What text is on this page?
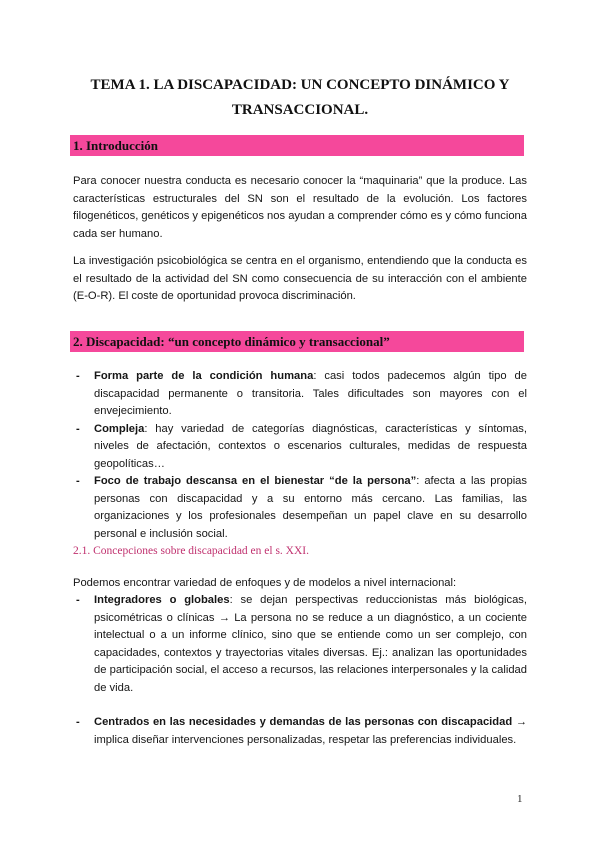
TEMA 1. LA DISCAPACIDAD: UN CONCEPTO DINÁMICO Y

TRANSACCIONAL.

1. Introducción

Para conocer nuestra conducta es necesario conocer la “maquinaria” que la produce. Las características estructurales del SN son el resultado de la evolución. Los factores filogenéticos, genéticos y epigenéticos nos ayudan a comprender cómo es y cómo funciona cada ser humano.

La investigación psicobiológica se centra en el organismo, entendiendo que la conducta es el resultado de la actividad del SN como consecuencia de su interacción con el ambiente (E-O-R). El coste de oportunidad provoca discriminación.

2. Discapacidad: “un concepto dinámico y transaccional”
- Forma parte de la condición humana: casi todos padecemos algún tipo de discapacidad permanente o transitoria. Tales dificultades son mayores con el envejecimiento.
- Compleja: hay variedad de categorías diagnósticas, características y síntomas, niveles de afectación, contextos o escenarios culturales, medidas de respuesta geopolíticas…
- Foco de trabajo descansa en el bienestar “de la persona”: afecta a las propias personas con discapacidad y a su entorno más cercano. Las familias, las organizaciones y los profesionales desempeñan un papel clave en su desarrollo personal e inclusión social.

2.1. Concepciones sobre discapacidad en el s. XXI.

Podemos encontrar variedad de enfoques y de modelos a nivel internacional:

- Integradores o globales: se dejan perspectivas reduccionistas más biológicas, psicométricas o clínicas → La persona no se reduce a un diagnóstico, a un cociente intelectual o a un informe clínico, sino que se entiende como un ser complejo, con capacidades, contextos y trayectorias vitales diversas. Ej.: analizan las oportunidades de participación social, el acceso a recursos, las relaciones interpersonales y la calidad de vida.
- Centrados en las necesidades y demandas de las personas con discapacidad → implica diseñar intervenciones personalizadas, respetar las preferencias individuales.
1
